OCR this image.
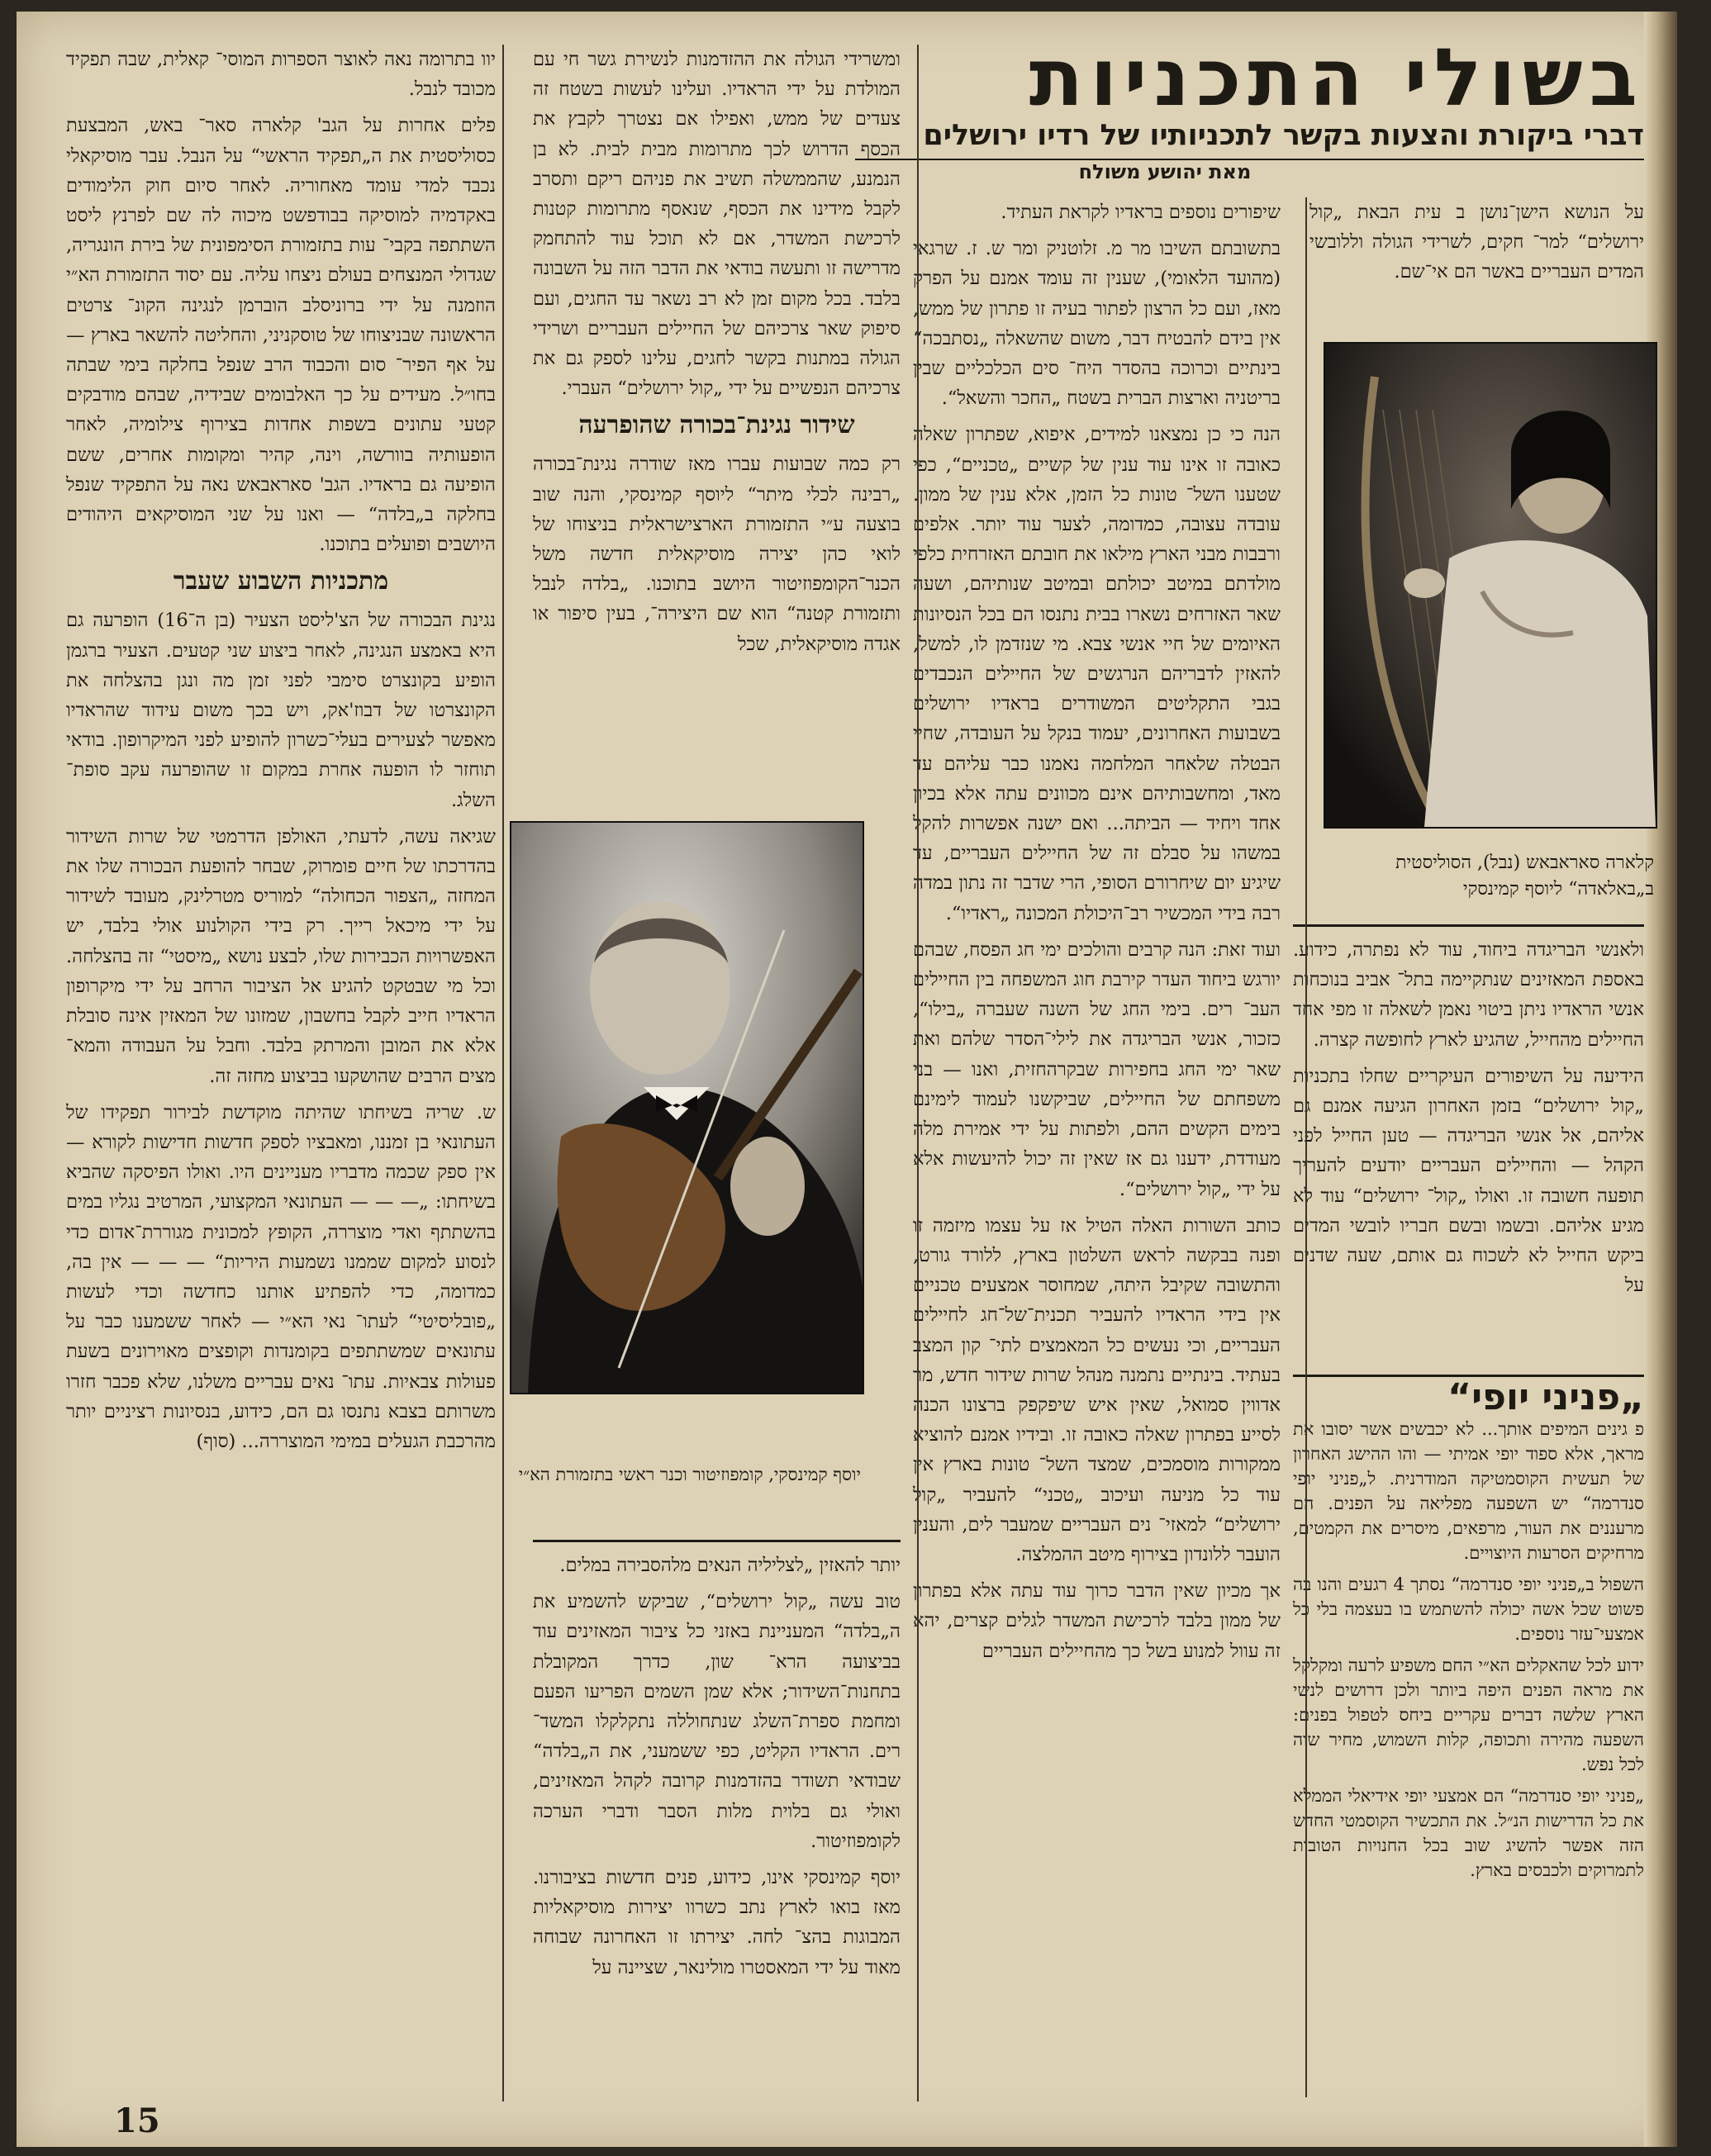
בשולי התכניות
דברי ביקורת והצעות בקשר לתכניותיו של רדיו ירושלים
מאת יהושע משולח

על הנושא הישן־נושן ב עית הבאת „קול ירושלים“ למר־ חקים, לשרידי הגולה וללובשי המדים העבריים באשר הם אי־שם.

קלארה סאראבאש (נבל), הסוליסטית ב„באלאדה“ ליוסף קמינסקי

ולאנשי הבריגדה ביחוד, עוד לא נפתרה, כידוע. באספת המאזינים שנתקיימה בתל־ אביב בנוכחות אנשי הראדיו ניתן ביטוי נאמן לשאלה זו מפי אחד החיילים מהחייל, שהגיע לארץ לחופשה קצרה.

הידיעה על השיפורים העיקריים שחלו בתכניות „קול ירושלים“ בזמן האחרון הגיעה אמנם גם אליהם, אל אנשי הבריגדה — טען החייל לפני הקהל — והחיילים העבריים יודעים להעריך תופעה חשובה זו. ואולו „קול־ ירושלים“ עוד לא מגיע אליהם. ובשמו ובשם חבריו לובשי המדים ביקש החייל לא לשכוח גם אותם, שעה שדנים על

„פניני יופי“

פ גינים המיפים אותך... לא יכבשים אשר יסובו את מראך, אלא ספוד יופי אמיתי — והו ההישג האחרון של תעשית הקוסמטיקה המודרנית. ל„פניני יופי סנדרמה“ יש השפעה מפליאה על הפנים. הם מרעננים את העור, מרפאים, מיסרים את הקמטים, מרחיקים הסרעות היוצויים.

השפול ב„פניני יופי סנדרמה“ נסתך 4 רגעים והנו בה פשוט שכל אשה יכולה להשתמש בו בעצמה בלי כל אמצעי־עזר נוספים.

ידוע לכל שהאקלים הא״י החם משפיע לרעה ומקלקל את מראה הפנים היפה ביותר ולכן דרושים לנשי הארץ שלשה דברים עקריים ביחס לטפול בפנים: השפעה מהירה ותכופה, קלות השמוש, מחיר שוה לכל נפש.

„פניני יופי סנדרמה“ הם אמצעי יופי אידיאלי הממלא את כל הדרישות הנ״ל. את התכשיר הקוסמטי החדש הזה אפשר להשיג שוב בכל החנויות הטובות לתמרוקים ולכבסים בארץ.

שיפורים נוספים בראדיו לקראת העתיד.

בתשובתם השיבו מר מ. זלוטניק ומר ש. ז. שרגאי (מהועד הלאומי), שענין זה עומד אמנם על הפרק מאז, ועם כל הרצון לפתור בעיה זו פתרון של ממש, אין בידם להבטיח דבר, משום שהשאלה „נסתבכה“ בינתיים וכרוכה בהסדר היח־ סים הכלכליים שבין בריטניה וארצות הברית בשטח „החכר והשאל“.

הנה כי כן נמצאנו למידים, איפוא, שפתרון שאלה כאובה זו אינו עוד ענין של קשיים „טכניים“, כפי שטענו השל־ טונות כל הזמן, אלא ענין של ממון. עובדה עצובה, כמדומה, לצער עוד יותר. אלפים ורבבות מבני הארץ מילאו את חובתם האזרחית כלפי מולדתם במיטב יכולתם ובמיטב שנותיהם, ושעה שאר האזרחים נשארו בבית נתנסו הם בכל הנסיונות האיומים של חיי אנשי צבא. מי שנזדמן לו, למשל, להאזין לדבריהם הנרגשים של החיילים הנכבדים בגבי התקליטים המשודרים בראדיו ירושלים בשבועות האחרונים, יעמוד בנקל על העובדה, שחיי הבטלה שלאחר המלחמה נאמנו כבר עליהם עד מאד, ומחשבותיהם אינם מכוונים עתה אלא בכיון אחד ויחיד — הביתה... ואם ישנה אפשרות להקל במשהו על סבלם זה של החיילים העבריים, עד שיגיע יום שיחרורם הסופי, הרי שדבר זה נתון במדה רבה בידי המכשיר רב־היכולת המכונה „ראדיו“.

ועוד זאת: הנה קרבים והולכים ימי חג הפסח, שבהם יורגש ביחוד העדר קירבת חוג המשפחה בין החיילים העב־ רים. בימי החג של השנה שעברה „בילו“, כזכור, אנשי הבריגדה את לילי־הסדר שלהם ואת שאר ימי החג בחפירות שבקרהחזית, ואנו — בני משפחתם של החיילים, שביקשנו לעמוד לימינם בימים הקשים ההם, ולפתות על ידי אמירת מלה מעודדת, ידענו גם אז שאין זה יכול להיעשות אלא על ידי „קול ירושלים“.

כותב השורות האלה הטיל אז על עצמו מיזמה זו ופנה בבקשה לראש השלטון בארץ, ללורד גורט, והתשובה שקיבל היתה, שמחוסר אמצעים טכניים אין בידי הראדיו להעביר תכנית־של־חג לחיילים העבריים, וכי נעשים כל המאמצים לתי־ קון המצב בעתיד. בינתיים נתמנה מנהל שרות שידור חדש, מר אדווין סמואל, שאין איש שיפקפק ברצונו הכנה לסייע בפתרון שאלה כאובה זו. ובידיו אמנם להוציא ממקורות מוסמכים, שמצד השל־ טונות בארץ אין עוד כל מניעה ועיכוב „טכני“ להעביר „קול ירושלים“ למאזי־ נים העבריים שמעבר לים, והענין הועבר ללונדון בצירוף מיטב ההמלצה.

אך מכיון שאין הדבר כרוך עוד עתה אלא בפתרון של ממון בלבד לרכישת המשדר לגלים קצרים, יהא זה עוול למנוע בשל כך מהחיילים העבריים

ומשרידי הגולה את ההזדמנות לנשירת גשר חי עם המולדת על ידי הראדיו. ועלינו לעשות בשטח זה צעדים של ממש, ואפילו אם נצטרך לקבץ את הכסף הדרוש לכך מתרומות מבית לבית. לא בן הנמנע, שהממשלה תשיב את פניהם ריקם ותסרב לקבל מידינו את הכסף, שנאסף מתרומות קטנות לרכישת המשדר, אם לא תוכל עוד להתחמק מדרישה זו ותעשה בודאי את הדבר הזה על השבונה בלבד. בכל מקום זמן לא רב נשאר עד החגים, ועם סיפוק שאר צרכיהם של החיילים העבריים ושרידי הגולה במתנות בקשר לחגים, עלינו לספק גם את צרכיהם הנפשיים על ידי „קול ירושלים“ העברי.

שידור נגינת־בכורה שהופרעה

רק כמה שבועות עברו מאז שודרה נגינת־בכורה „רבינה לכלי מיתר“ ליוסף קמינסקי, והנה שוב בוצעה ע״י התזמורת הארצישראלית בניצוחו של לואי כהן יצירה מוסיקאלית חדשה משל הכנר־הקומפוזיטור היושב בתוכנו. „בלדה לנבל ותזמורת קטנה“ הוא שם היצירה־, בעין סיפור או אגדה מוסיקאלית, שכל

יוסף קמינסקי, קומפוזיטור וכנר ראשי בתזמורת הא״י

יותר להאזין „לצליליה הנאים מלהסבירה במלים.

טוב עשה „קול ירושלים“, שביקש להשמיע את ה„בלדה“ המעניינת באזני כל ציבור המאזינים עוד בביצועה הרא־ שון, כדרך המקובלת בתחנות־השידור; אלא שמן השמים הפריעו הפעם ומחמת ספרת־השלג שנתחוללה נתקלקלו המשד־ רים. הראדיו הקליט, כפי ששמעני, את ה„בלדה“ שבודאי תשודר בהזדמנות קרובה לקהל המאזינים, ואולי גם בלוית מלות הסבר ודברי הערכה לקומפוזיטור.

יוסף קמינסקי אינו, כידוע, פנים חדשות בציבורנו. מאז בואו לארץ נתב כשרוו יצירות מוסיקאליות המבוגות בהצ־ לחה. יצירתו זו האחרונה שבוחה מאוד על ידי המאסטרו מולינאר, שציינה על

יוו בתרומה נאה לאוצר הספרות המוסי־ קאלית, שבה תפקיד מכובד לנבל.

פלים אחרות על הגב' קלארה סאר־ באש, המבצעת כסוליסטית את ה„תפקיד הראשי“ על הנבל. עבר מוסיקאלי נכבד למדי עומד מאחוריה. לאחר סיום חוק הלימודים באקדמיה למוסיקה בבודפשט מיכוה לה שם לפרנץ ליסט השתתפה בקבי־ עות בתזמורת הסימפונית של בירת הונגריה, שגדולי המנצחים בעולם ניצחו עליה. עם יסוד התזמורת הא״י הוזמנה על ידי ברוניסלב הוברמן לנגינה הקונ־ צרטים הראשונה שבניצוחו של טוסקניני, והחליטה להשאר בארץ — על אף הפיר־ סום והכבוד הרב שנפל בחלקה בימי שבתה בחו״ל. מעידים על כך האלבומים שבידיה, שבהם מודבקים קטעי עתונים בשפות אחדות בצירוף צילומיה, לאחר הופעותיה בוורשה, וינה, קהיר ומקומות אחרים, ששם הופיעה גם בראדיו. הגב' סאראבאש נאה על התפקיד שנפל בחלקה ב„בלדה“ — ואנו על שני המוסיקאים היהודים היושבים ופועלים בתוכנו.

מתכניות השבוע שעבר

נגינת הבכורה של הצ'ליסט הצעיר (בן ה־16) הופרעה גם היא באמצע הנגינה, לאחר ביצוע שני קטעים. הצעיר ברגמן הופיע בקונצרט סימבי לפני זמן מה ונגן בהצלחה את הקונצרטו של דבוז'אק, ויש בכך משום עידוד שהראדיו מאפשר לצעירים בעלי־כשרון להופיע לפני המיקרופון. בודאי תוחזר לו הופעה אחרת במקום זו שהופרעה עקב סופת־ השלג.

שגיאה עשה, לדעתי, האולפן הדרמטי של שרות השידור בהדרכתו של חיים פומרוק, שבחר להופעת הבכורה שלו את המחזה „הצפור הכחולה“ למוריס מטרלינק, מעובד לשידור על ידי מיכאל רייך. רק בידי הקולנוע אולי בלבד, יש האפשרויות הכבירות שלו, לבצע נושא „מיסטי“ זה בהצלחה. וכל מי שבטקט להגיע אל הציבור הרחב על ידי מיקרופון הראדיו חייב לקבל בחשבון, שמזונו של המאזין אינה סובלת אלא את המובן והמרתק בלבד. וחבל על העבודה והמא־ מצים הרבים שהושקעו בביצוע מחזה זה.

ש. שריה בשיחתו שהיתה מוקדשת לבירור תפקידו של העתונאי בן זמננו, ומאבציו לספק חדשות חדישות לקורא — אין ספק שכמה מדבריו מעניינים היו. ואולו הפיסקה שהביא בשיחתו: „— — — העתונאי המקצועי, המרטיב נגליו במים בהשתתף ואדי מוצררה, הקופץ למכונית מגוררת־אדום כדי לנסוע למקום שממנו נשמעות היריות“ — — — אין בה, כמדומה, כדי להפתיע אותנו כחדשה וכדי לעשות „פובליסיטי“ לעתו־ נאי הא״י — לאחר ששמענו כבר על עתונאים שמשתתפים בקומנדות וקופצים מאוירונים בשעת פעולות צבאיות. עתו־ נאים עבריים משלנו, שלא פכבר חזרו משרותם בצבא נתנסו גם הם, כידוע, בנסיונות רציניים יותר מהרכבת הגעלים במימי המוצררה... (סוף)

15
